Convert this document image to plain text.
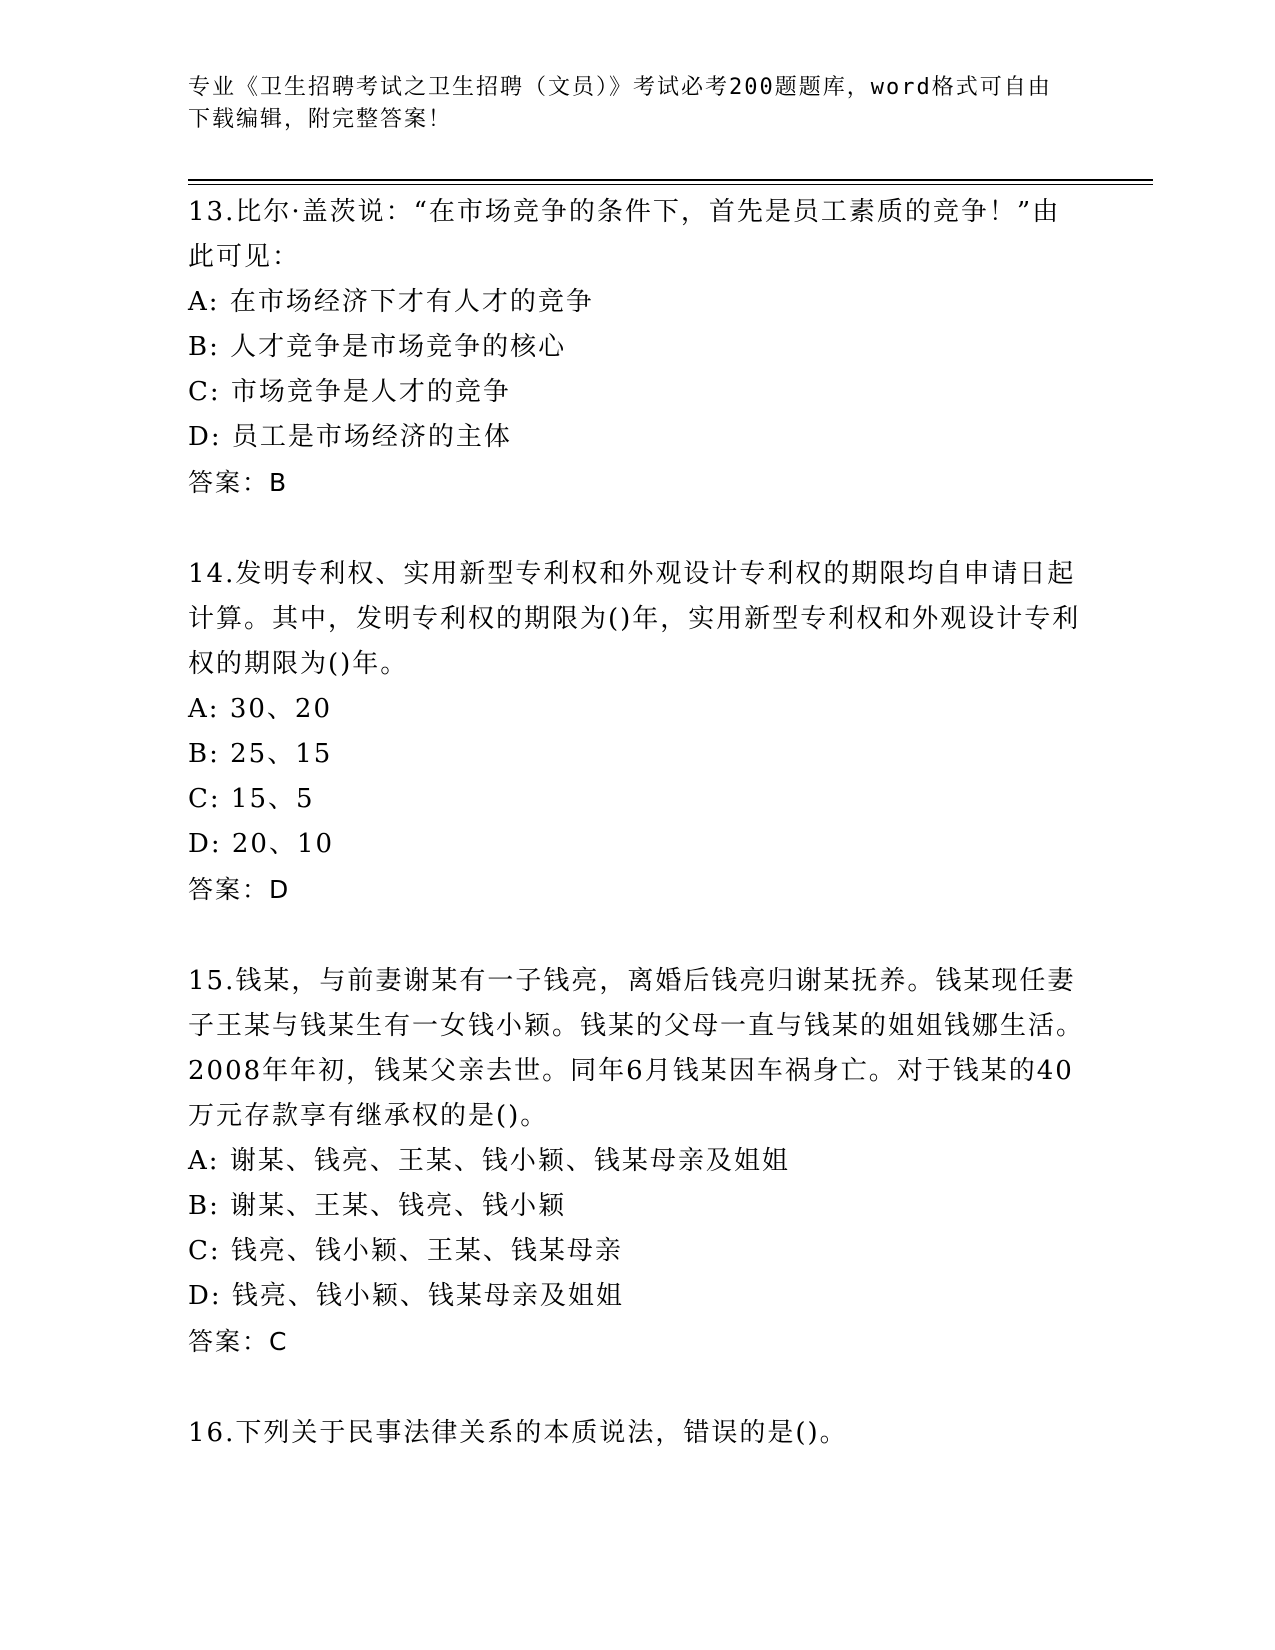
专业《卫生招聘考试之卫生招聘（文员）》考试必考200题题库，word格式可自由下载编辑，附完整答案！

13.比尔·盖茨说：“在市场竞争的条件下，首先是员工素质的竞争！”由此可见：

A: 在市场经济下才有人才的竞争
B: 人才竞争是市场竞争的核心
C: 市场竞争是人才的竞争
D: 员工是市场经济的主体
答案：B

14.发明专利权、实用新型专利权和外观设计专利权的期限均自申请日起计算。其中，发明专利权的期限为()年，实用新型专利权和外观设计专利权的期限为()年。

A: 30、20
B: 25、15
C: 15、5
D: 20、10
答案：D

15.钱某，与前妻谢某有一子钱亮，离婚后钱亮归谢某抚养。钱某现任妻子王某与钱某生有一女钱小颖。钱某的父母一直与钱某的姐姐钱娜生活。2008年年初，钱某父亲去世。同年6月钱某因车祸身亡。对于钱某的40万元存款享有继承权的是()。

A: 谢某、钱亮、王某、钱小颖、钱某母亲及姐姐
B: 谢某、王某、钱亮、钱小颖
C: 钱亮、钱小颖、王某、钱某母亲
D: 钱亮、钱小颖、钱某母亲及姐姐
答案：C

16.下列关于民事法律关系的本质说法，错误的是()。
